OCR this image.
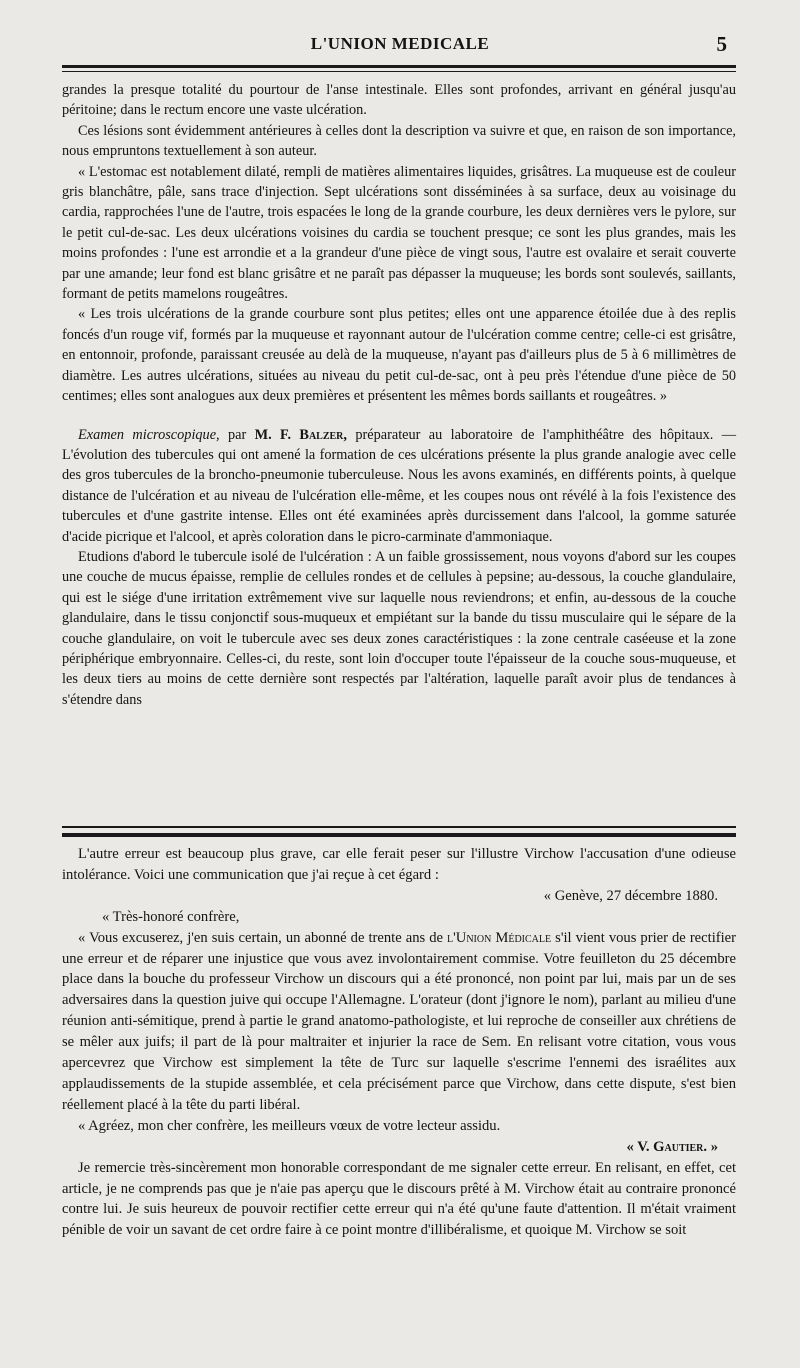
L'UNION MEDICALE	5

grandes la presque totalité du pourtour de l'anse intestinale. Elles sont profondes, arrivant en général jusqu'au péritoine; dans le rectum encore une vaste ulcération.

Ces lésions sont évidemment antérieures à celles dont la description va suivre et que, en raison de son importance, nous empruntons textuellement à son auteur.

« L'estomac est notablement dilaté, rempli de matières alimentaires liquides, grisâtres. La muqueuse est de couleur gris blanchâtre, pâle, sans trace d'injection. Sept ulcérations sont disséminées à sa surface, deux au voisinage du cardia, rapprochées l'une de l'autre, trois espacées le long de la grande courbure, les deux dernières vers le pylore, sur le petit cul-de-sac. Les deux ulcérations voisines du cardia se touchent presque; ce sont les plus grandes, mais les moins profondes : l'une est arrondie et a la grandeur d'une pièce de vingt sous, l'autre est ovalaire et serait couverte par une amande; leur fond est blanc grisâtre et ne paraît pas dépasser la muqueuse; les bords sont soulevés, saillants, formant de petits mamelons rougeâtres.

« Les trois ulcérations de la grande courbure sont plus petites; elles ont une apparence étoilée due à des replis foncés d'un rouge vif, formés par la muqueuse et rayonnant autour de l'ulcération comme centre; celle-ci est grisâtre, en entonnoir, profonde, paraissant creusée au delà de la muqueuse, n'ayant pas d'ailleurs plus de 5 à 6 millimètres de diamètre. Les autres ulcérations, situées au niveau du petit cul-de-sac, ont à peu près l'étendue d'une pièce de 50 centimes; elles sont analogues aux deux premières et présentent les mêmes bords saillants et rougeâtres. »

Examen microscopique, par M. F. Balzer, préparateur au laboratoire de l'amphithéâtre des hôpitaux. — L'évolution des tubercules qui ont amené la formation de ces ulcérations présente la plus grande analogie avec celle des gros tubercules de la broncho-pneumonie tuberculeuse. Nous les avons examinés, en différents points, à quelque distance de l'ulcération et au niveau de l'ulcération elle-même, et les coupes nous ont révélé à la fois l'existence des tubercules et d'une gastrite intense. Elles ont été examinées après durcissement dans l'alcool, la gomme saturée d'acide picrique et l'alcool, et après coloration dans le picro-carminate d'ammoniaque.

Etudions d'abord le tubercule isolé de l'ulcération : A un faible grossissement, nous voyons d'abord sur les coupes une couche de mucus épaisse, remplie de cellules rondes et de cellules à pepsine; au-dessous, la couche glandulaire, qui est le siége d'une irritation extrêmement vive sur laquelle nous reviendrons; et enfin, au-dessous de la couche glandulaire, dans le tissu conjonctif sous-muqueux et empiétant sur la bande du tissu musculaire qui le sépare de la couche glandulaire, on voit le tubercule avec ses deux zones caractéristiques : la zone centrale caséeuse et la zone périphérique embryonnaire. Celles-ci, du reste, sont loin d'occuper toute l'épaisseur de la couche sous-muqueuse, et les deux tiers au moins de cette dernière sont respectés par l'altération, laquelle paraît avoir plus de tendances à s'étendre dans

L'autre erreur est beaucoup plus grave, car elle ferait peser sur l'illustre Virchow l'accusation d'une odieuse intolérance. Voici une communication que j'ai reçue à cet égard :

« Genève, 27 décembre 1880.

« Très-honoré confrère,

« Vous excuserez, j'en suis certain, un abonné de trente ans de l'Union Médicale s'il vient vous prier de rectifier une erreur et de réparer une injustice que vous avez involontairement commise. Votre feuilleton du 25 décembre place dans la bouche du professeur Virchow un discours qui a été prononcé, non point par lui, mais par un de ses adversaires dans la question juive qui occupe l'Allemagne. L'orateur (dont j'ignore le nom), parlant au milieu d'une réunion anti-sémitique, prend à partie le grand anatomo-pathologiste, et lui reproche de conseiller aux chrétiens de se mêler aux juifs; il part de là pour maltraiter et injurier la race de Sem. En relisant votre citation, vous vous apercevrez que Virchow est simplement la tête de Turc sur laquelle s'escrime l'ennemi des israélites aux applaudissements de la stupide assemblée, et cela précisément parce que Virchow, dans cette dispute, s'est bien réellement placé à la tête du parti libéral.

« Agréez, mon cher confrère, les meilleurs vœux de votre lecteur assidu.

« V. Gautier. »

Je remercie très-sincèrement mon honorable correspondant de me signaler cette erreur. En relisant, en effet, cet article, je ne comprends pas que je n'aie pas aperçu que le discours prêté à M. Virchow était au contraire prononcé contre lui. Je suis heureux de pouvoir rectifier cette erreur qui n'a été qu'une faute d'attention. Il m'était vraiment pénible de voir un savant de cet ordre faire à ce point montre d'illibéralisme, et quoique M. Virchow se soit
